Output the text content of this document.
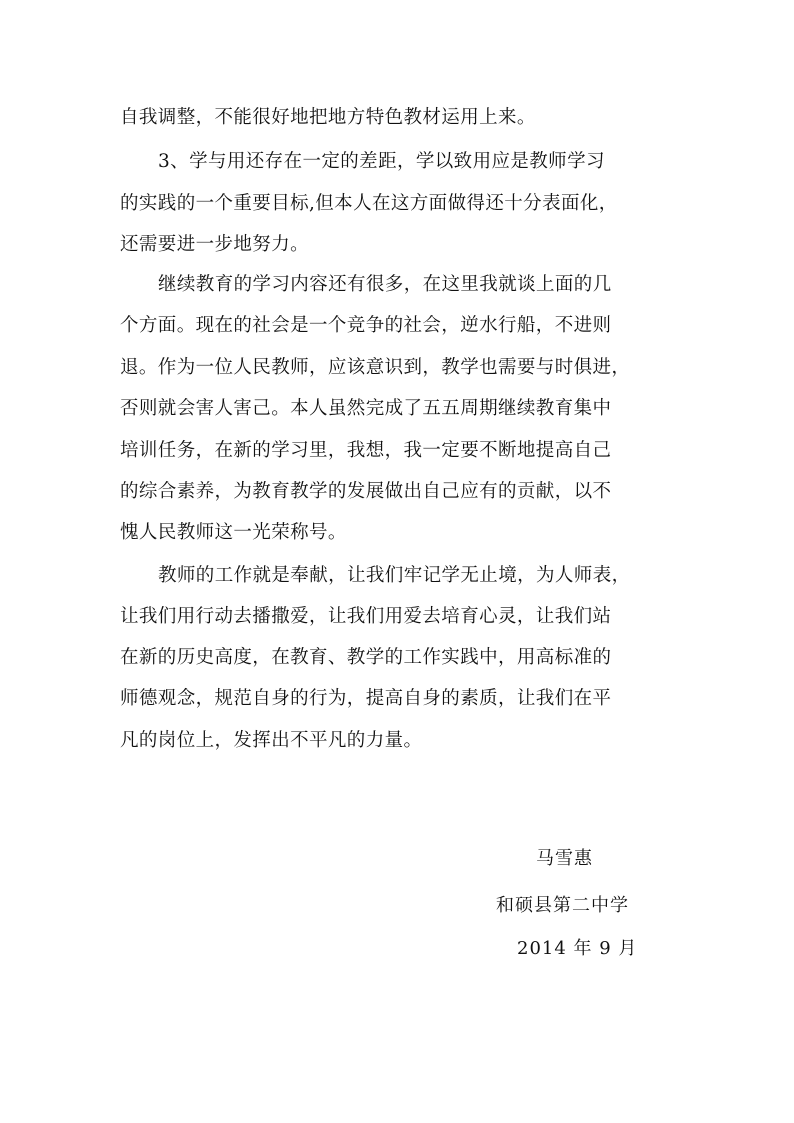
自我调整，不能很好地把地方特色教材运用上来。
3、学与用还存在一定的差距，学以致用应是教师学习
的实践的一个重要目标,但本人在这方面做得还十分表面化，
还需要进一步地努力。
继续教育的学习内容还有很多，在这里我就谈上面的几
个方面。现在的社会是一个竞争的社会，逆水行船，不进则
退。作为一位人民教师，应该意识到，教学也需要与时俱进，
否则就会害人害己。本人虽然完成了五五周期继续教育集中
培训任务，在新的学习里，我想，我一定要不断地提高自己
的综合素养，为教育教学的发展做出自己应有的贡献，以不
愧人民教师这一光荣称号。
教师的工作就是奉献，让我们牢记学无止境，为人师表，
让我们用行动去播撒爱，让我们用爱去培育心灵，让我们站
在新的历史高度，在教育、教学的工作实践中，用高标准的
师德观念，规范自身的行为，提高自身的素质，让我们在平
凡的岗位上，发挥出不平凡的力量。
马雪惠
和硕县第二中学
2014 年 9 月
